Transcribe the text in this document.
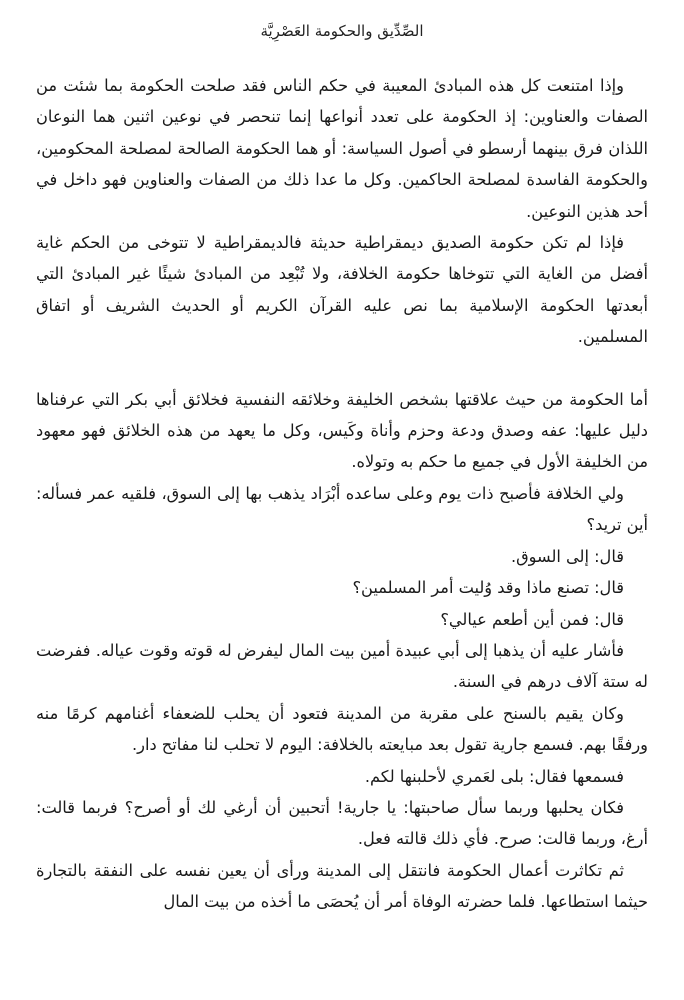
الصِّدِّيق والحكومة العَصْرِيَّة

وإذا امتنعت كل هذه المبادئ المعيبة في حكم الناس فقد صلحت الحكومة بما شئت من الصفات والعناوين: إذ الحكومة على تعدد أنواعها إنما تنحصر في نوعين اثنين هما النوعان اللذان فرق بينهما أرسطو في أصول السياسة: أو هما الحكومة الصالحة لمصلحة المحكومين، والحكومة الفاسدة لمصلحة الحاكمين. وكل ما عدا ذلك من الصفات والعناوين فهو داخل في أحد هذين النوعين.

فإذا لم تكن حكومة الصديق ديمقراطية حديثة فالديمقراطية لا تتوخى من الحكم غاية أفضل من الغاية التي تتوخاها حكومة الخلافة، ولا تُبْعِد من المبادئ شيئًا غير المبادئ التي أبعدتها الحكومة الإسلامية بما نص عليه القرآن الكريم أو الحديث الشريف أو اتفاق المسلمين.

أما الحكومة من حيث علاقتها بشخص الخليفة وخلائقه النفسية فخلائق أبي بكر التي عرفناها دليل عليها: عفه وصدق ودعة وحزم وأناة وكَيس، وكل ما يعهد من هذه الخلائق فهو معهود من الخليفة الأول في جميع ما حكم به وتولاه.

ولي الخلافة فأصبح ذات يوم وعلى ساعده أبْرَاد يذهب بها إلى السوق، فلقيه عمر فسأله: أين تريد؟

قال: إلى السوق.

قال: تصنع ماذا وقد وُليت أمر المسلمين؟

قال: فمن أين أطعم عيالي؟

فأشار عليه أن يذهبا إلى أبي عبيدة أمين بيت المال ليفرض له قوته وقوت عياله. ففرضت له ستة آلاف درهم في السنة.

وكان يقيم بالسنح على مقربة من المدينة فتعود أن يحلب للضعفاء أغنامهم كرمًا منه ورفقًا بهم. فسمع جارية تقول بعد مبايعته بالخلافة: اليوم لا تحلب لنا مفاتح دار.

فسمعها فقال: بلى لعَمري لأحلبنها لكم.

فكان يحلبها وربما سأل صاحبتها: يا جارية! أتحبين أن أرغي لك أو أصرح؟ فربما قالت: أرغ، وربما قالت: صرح. فأي ذلك قالته فعل.

ثم تكاثرت أعمال الحكومة فانتقل إلى المدينة ورأى أن يعين نفسه على النفقة بالتجارة حيثما استطاعها. فلما حضرته الوفاة أمر أن يُحصَى ما أخذه من بيت المال
